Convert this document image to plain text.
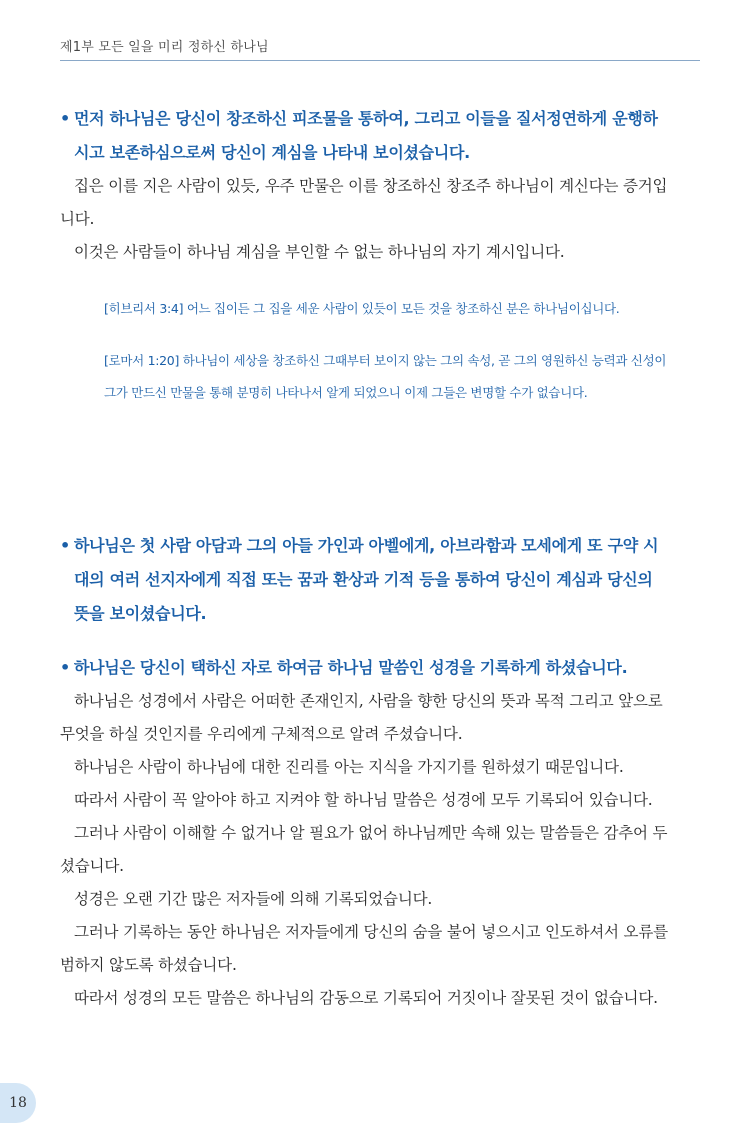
제1부 모든 일을 미리 정하신 하나님

• 먼저 하나님은 당신이 창조하신 피조물을 통하여, 그리고 이들을 질서정연하게 운행하시고 보존하심으로써 당신이 계심을 나타내 보이셨습니다.

집은 이를 지은 사람이 있듯, 우주 만물은 이를 창조하신 창조주 하나님이 계신다는 증거입니다.

이것은 사람들이 하나님 계심을 부인할 수 없는 하나님의 자기 계시입니다.

[히브리서 3:4] 어느 집이든 그 집을 세운 사람이 있듯이 모든 것을 창조하신 분은 하나님이십니다.

[로마서 1:20] 하나님이 세상을 창조하신 그때부터 보이지 않는 그의 속성, 곧 그의 영원하신 능력과 신성이 그가 만드신 만물을 통해 분명히 나타나서 알게 되었으니 이제 그들은 변명할 수가 없습니다.

• 하나님은 첫 사람 아담과 그의 아들 가인과 아벨에게, 아브라함과 모세에게 또 구약 시대의 여러 선지자에게 직접 또는 꿈과 환상과 기적 등을 통하여 당신이 계심과 당신의 뜻을 보이셨습니다.

• 하나님은 당신이 택하신 자로 하여금 하나님 말씀인 성경을 기록하게 하셨습니다.

하나님은 성경에서 사람은 어떠한 존재인지, 사람을 향한 당신의 뜻과 목적 그리고 앞으로 무엇을 하실 것인지를 우리에게 구체적으로 알려 주셨습니다.

하나님은 사람이 하나님에 대한 진리를 아는 지식을 가지기를 원하셨기 때문입니다.

따라서 사람이 꼭 알아야 하고 지켜야 할 하나님 말씀은 성경에 모두 기록되어 있습니다.

그러나 사람이 이해할 수 없거나 알 필요가 없어 하나님께만 속해 있는 말씀들은 감추어 두셨습니다.

성경은 오랜 기간 많은 저자들에 의해 기록되었습니다.

그러나 기록하는 동안 하나님은 저자들에게 당신의 숨을 불어 넣으시고 인도하셔서 오류를 범하지 않도록 하셨습니다.

따라서 성경의 모든 말씀은 하나님의 감동으로 기록되어 거짓이나 잘못된 것이 없습니다.

18
